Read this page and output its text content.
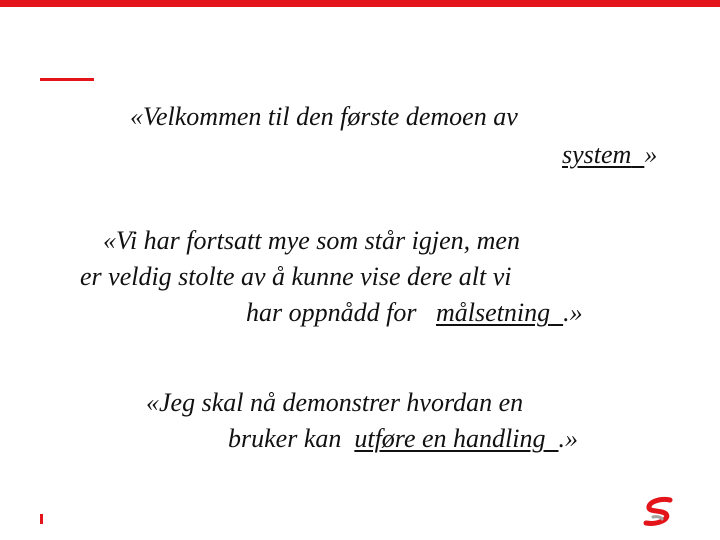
«Velkommen til den første demoen av

system »

«Vi har fortsatt mye som står igjen, men

er veldig stolte av å kunne vise dere alt vi

har oppnådd for   målsetning .»

«Jeg skal nå demonstrer hvordan en

bruker kan  utføre en handling .»
